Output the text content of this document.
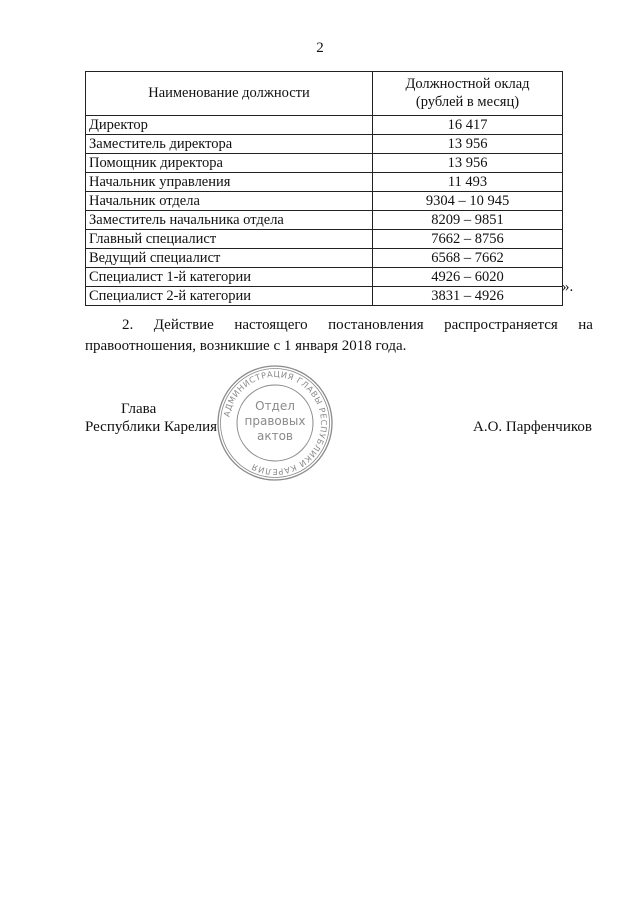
2
Наименование должности	Должностной оклад
(рублей в месяц)
Директор	16 417
Заместитель директора	13 956
Помощник директора	13 956
Начальник управления	11 493
Начальник отдела	9304 – 10 945
Заместитель начальника отдела	8209 – 9851
Главный специалист	7662 – 8756
Ведущий специалист	6568 – 7662
Специалист 1-й категории	4926 – 6020
Специалист 2-й категории	3831 – 4926
».
2. Действие настоящего постановления распространяется на
правоотношения, возникшие с 1 января 2018 года.
АДМИНИСТРАЦИЯ ГЛАВЫ РЕСПУБЛИКИ КАРЕЛИЯ
Отдел
правовых
актов
Глава
Республики Карелия	А.О. Парфенчиков
